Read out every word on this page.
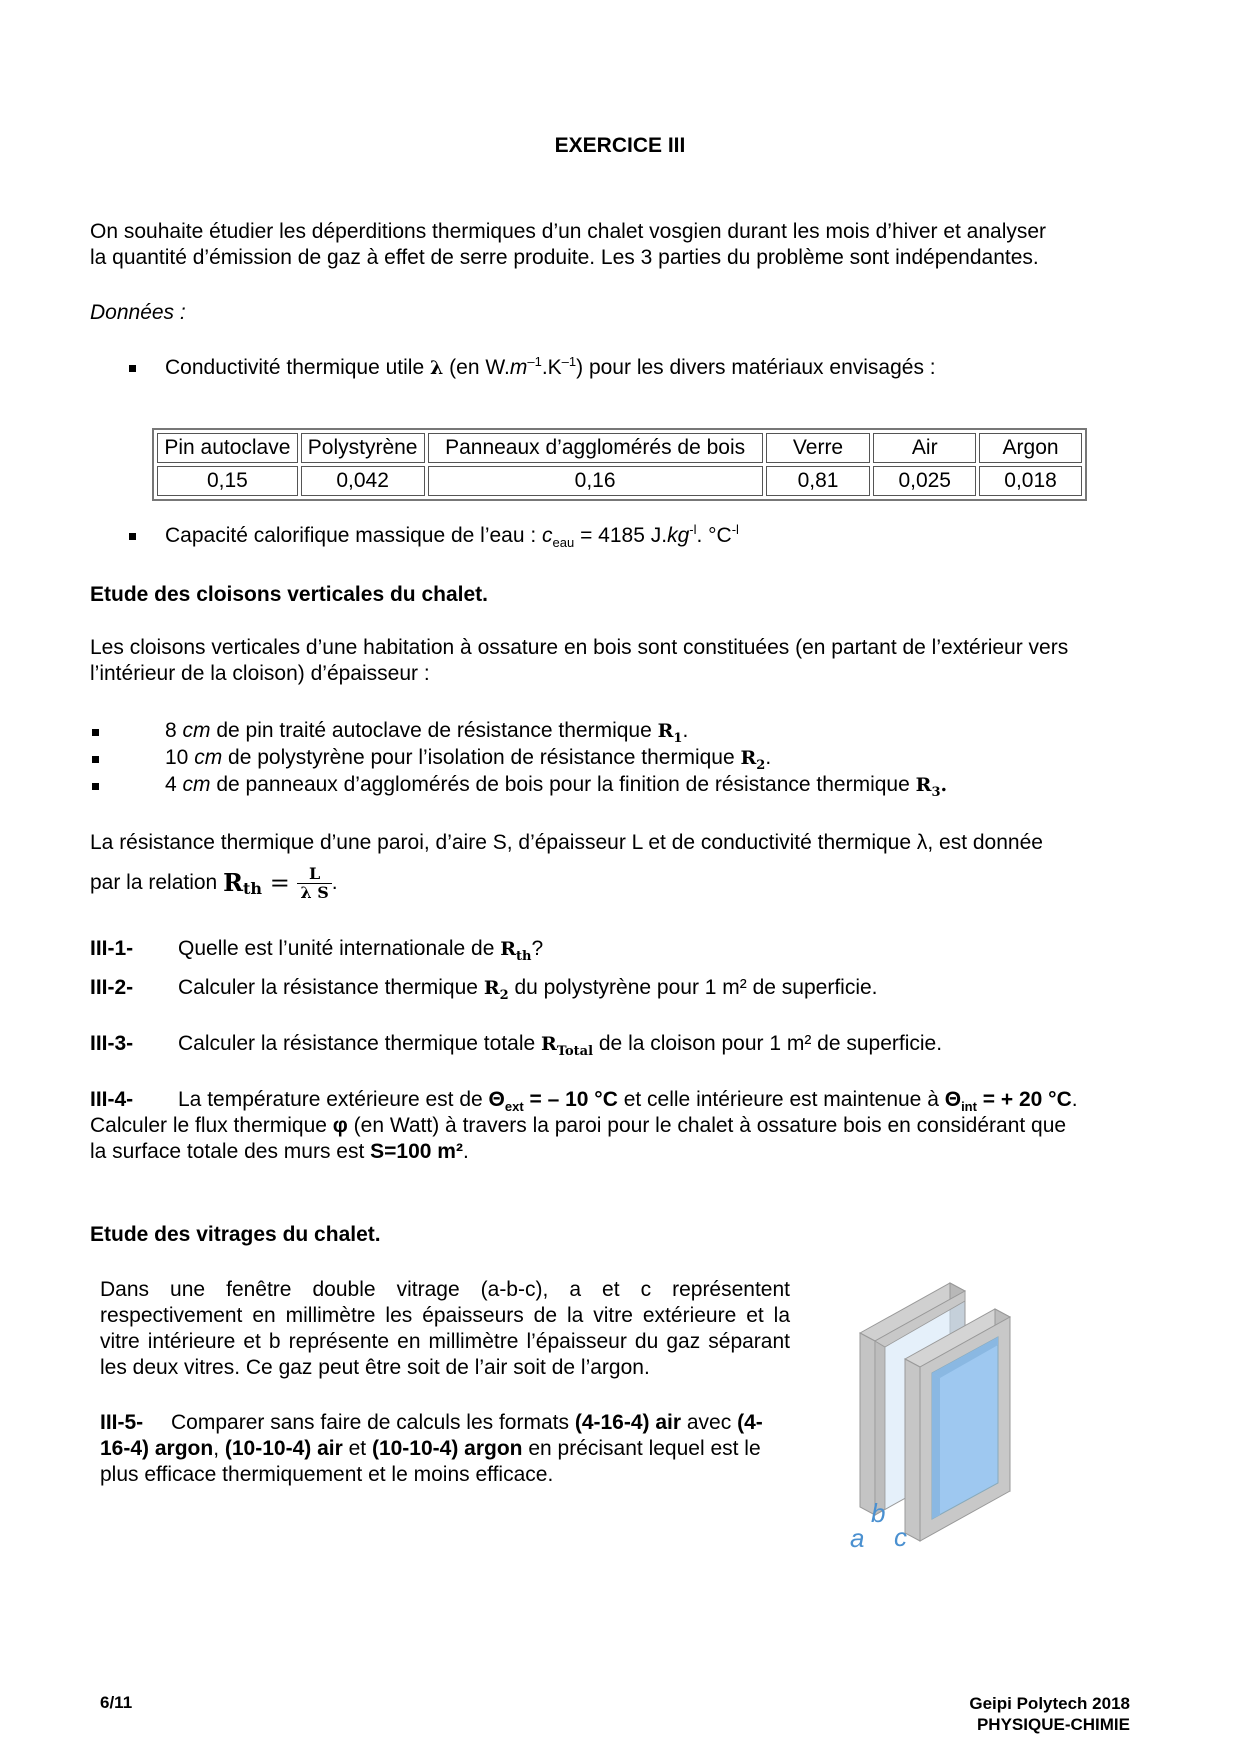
EXERCICE III
On souhaite étudier les déperditions thermiques d’un chalet vosgien durant les mois d’hiver et analyser
la quantité d’émission de gaz à effet de serre produite. Les 3 parties du problème sont indépendantes.
Données :
Conductivité thermique utile λ (en $W.m^{-1}.K^{-1}$) pour les divers matériaux envisagés :
Pin autoclave	Polystyrène	Panneaux d’agglomérés de bois	Verre	Air	Argon
0,15	0,042	0,16	0,81	0,025	0,018
Capacité calorifique massique de l’eau : $c_{eau} = 4185$ $J.kg^{-l}$. $^\circ C^{-l}$
Etude des cloisons verticales du chalet.
Les cloisons verticales d’une habitation à ossature en bois sont constituées (en partant de l’extérieur vers
l’intérieur de la cloison) d’épaisseur :
8 cm de pin traité autoclave de résistance thermique $R_1$.
10 cm de polystyrène pour l’isolation de résistance thermique $R_2$.
4 cm de panneaux d’agglomérés de bois pour la finition de résistance thermique $R_3$.
La résistance thermique d’une paroi, d’aire S, d’épaisseur L et de conductivité thermique λ, est donnée
par la relation $R_{th} = \frac{L}{\text{λ S}}$ .
III-1- Quelle est l’unité internationale de $R_{th}$?
III-2- Calculer la résistance thermique $R_2$ du polystyrène pour 1 m² de superficie.
III-3- Calculer la résistance thermique totale $R_{Total}$ de la cloison pour 1 m² de superficie.
III-4- La température extérieure est de $\Theta_{ext}$ = – 10 °C et celle intérieure est maintenue à $\Theta_{int}$ = + 20 °C.
Calculer le flux thermique φ (en Watt) à travers la paroi pour le chalet à ossature bois en considérant que
la surface totale des murs est S=100 m².
Etude des vitrages du chalet.
Dans une fenêtre double vitrage (a-b-c), a et c représentent respectivement en millimètre les épaisseurs de la vitre extérieure et la vitre intérieure et b représente en millimètre l’épaisseur du gaz séparant les deux vitres. Ce gaz peut être soit de l’air soit de l’argon.
III-5- Comparer sans faire de calculs les formats (4-16-4) air avec (4-16-4) argon, (10-10-4) air et (10-10-4) argon en précisant lequel est le plus efficace thermiquement et le moins efficace.
a
b
c
6/11	Geipi Polytech 2018
PHYSIQUE-CHIMIE
